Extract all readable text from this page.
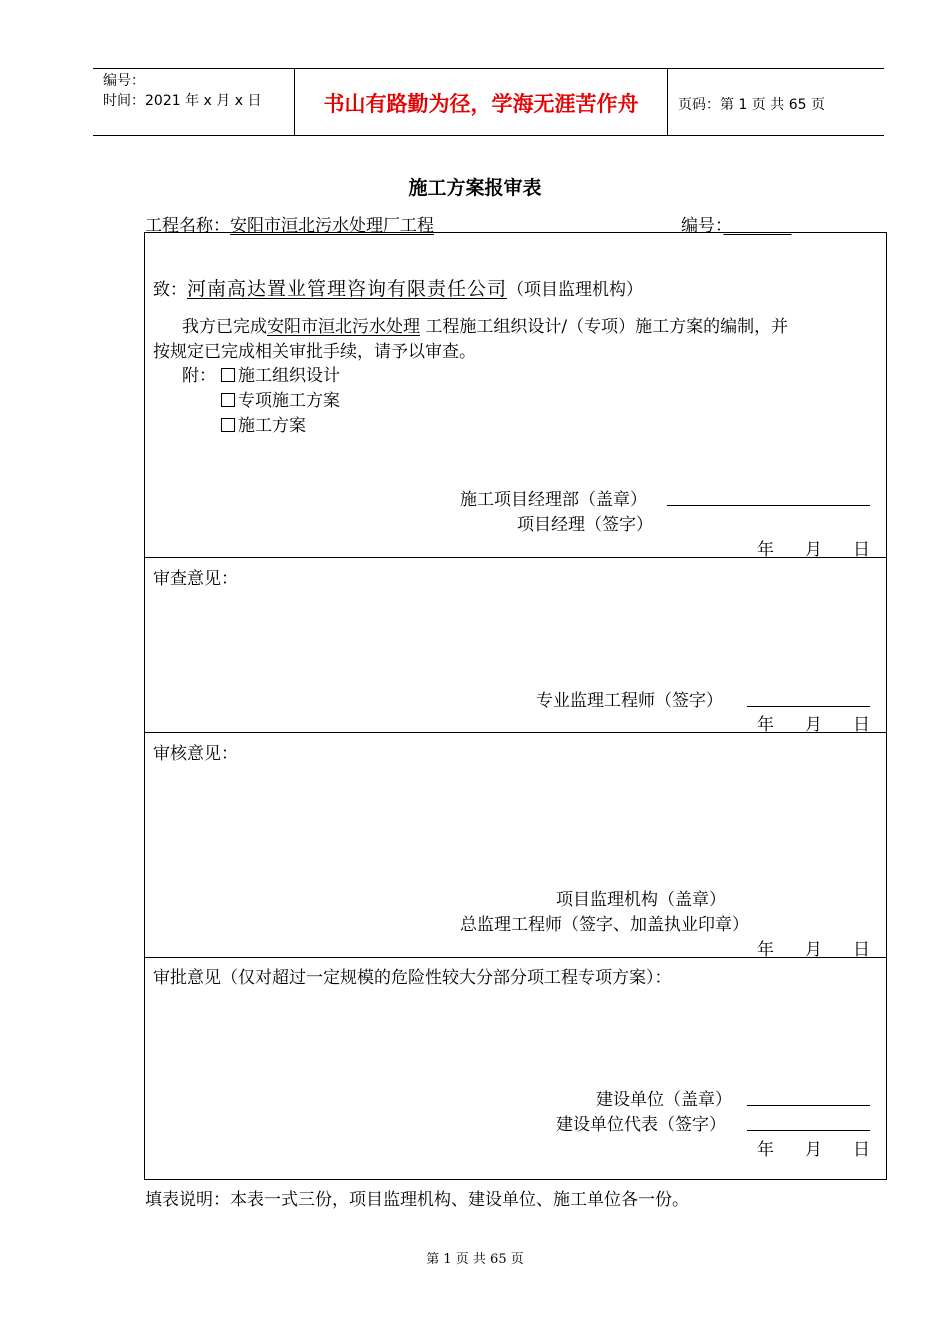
编号：
时间：2021 年 x 月 x 日	书山有路勤为径，学海无涯苦作舟	页码：第 1 页 共 65 页
施工方案报审表
工程名称：安阳市洹北污水处理厂工程	编号：　　　　
致：河南高达置业管理咨询有限责任公司（项目监理机构）
我方已完成安阳市洹北污水处理 工程施工组织设计/（专项）施工方案的编制，并
按规定已完成相关审批手续，请予以审查。
附：	施工组织设计
专项施工方案
施工方案
施工项目经理部（盖章）
项目经理（签字）
年 月 日
审查意见：
专业监理工程师（签字）
年 月 日
审核意见：
项目监理机构（盖章）
总监理工程师（签字、加盖执业印章）
年 月 日
审批意见（仅对超过一定规模的危险性较大分部分项工程专项方案）：
建设单位（盖章）
建设单位代表（签字）
年 月 日
填表说明：本表一式三份，项目监理机构、建设单位、施工单位各一份。
第 1 页 共 65 页
